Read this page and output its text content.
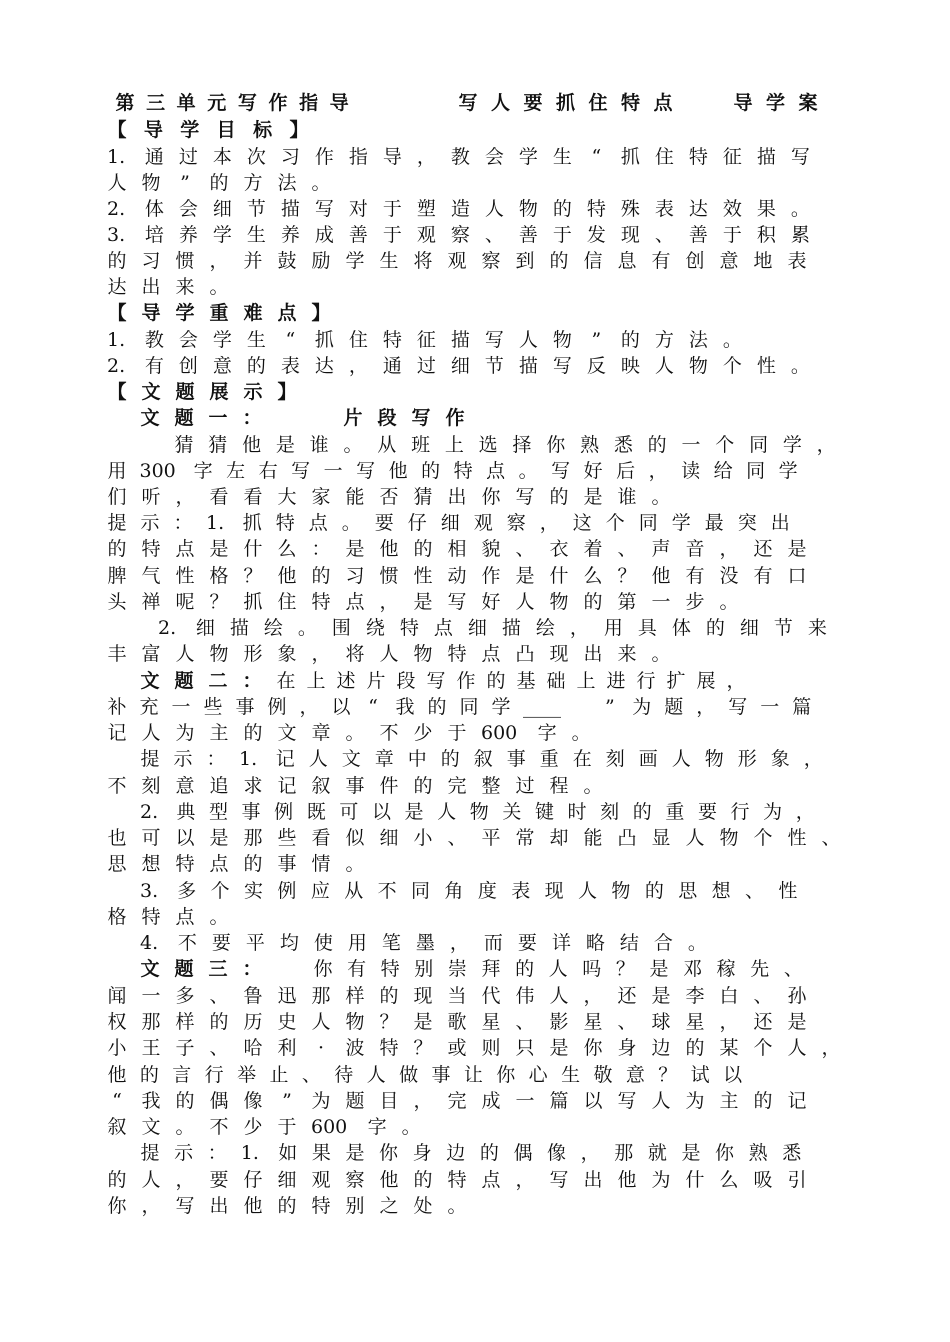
第 三 单 元 写 作 指 导	写 人 要 抓 住 特 点	导 学 案
【 导 学 目 标 】
1. 通 过 本 次 习 作 指 导 ， 教 会 学 生 “ 抓 住 特 征 描 写
人 物 ” 的 方 法 。
2. 体 会 细 节 描 写 对 于 塑 造 人 物 的 特 殊 表 达 效 果 。
3. 培 养 学 生 养 成 善 于 观 察 、 善 于 发 现 、 善 于 积 累
的 习 惯 ， 并 鼓 励 学 生 将 观 察 到 的 信 息 有 创 意 地 表
达 出 来 。
【 导 学 重 难 点 】
1. 教 会 学 生 “ 抓 住 特 征 描 写 人 物 ” 的 方 法 。
2. 有 创 意 的 表 达 ， 通 过 细 节 描 写 反 映 人 物 个 性 。
【 文 题 展 示 】
文 题 一 ：	片 段 写 作
猜 猜 他 是 谁 。 从 班 上 选 择 你 熟 悉 的 一 个 同 学 ，
用 300 字 左 右 写 一 写 他 的 特 点 。 写 好 后 ， 读 给 同 学
们 听 ， 看 看 大 家 能 否 猜 出 你 写 的 是 谁 。
提 示 ： 1. 抓 特 点 。 要 仔 细 观 察 ， 这 个 同 学 最 突 出
的 特 点 是 什 么 ： 是 他 的 相 貌 、 衣 着 、 声 音 ， 还 是
脾 气 性 格 ？ 他 的 习 惯 性 动 作 是 什 么 ？ 他 有 没 有 口
头 禅 呢 ？ 抓 住 特 点 ， 是 写 好 人 物 的 第 一 步 。
2. 细 描 绘 。 围 绕 特 点 细 描 绘 ， 用 具 体 的 细 节 来
丰 富 人 物 形 象 ， 将 人 物 特 点 凸 现 出 来 。
文 题 二 ： 在 上 述 片 段 写 作 的 基 础 上 进 行 扩 展 ，
补 充 一 些 事 例 ， 以 “ 我 的 同 学 ____ ” 为 题 ， 写 一 篇
记 人 为 主 的 文 章 。 不 少 于 600 字 。
提 示 ： 1. 记 人 文 章 中 的 叙 事 重 在 刻 画 人 物 形 象 ，
不 刻 意 追 求 记 叙 事 件 的 完 整 过 程 。
2. 典 型 事 例 既 可 以 是 人 物 关 键 时 刻 的 重 要 行 为 ，
也 可 以 是 那 些 看 似 细 小 、 平 常 却 能 凸 显 人 物 个 性 、
思 想 特 点 的 事 情 。
3. 多 个 实 例 应 从 不 同 角 度 表 现 人 物 的 思 想 、 性
格 特 点 。
4. 不 要 平 均 使 用 笔 墨 ， 而 要 详 略 结 合 。
文 题 三 ：	你 有 特 别 崇 拜 的 人 吗 ？ 是 邓 稼 先 、
闻 一 多 、 鲁 迅 那 样 的 现 当 代 伟 人 ， 还 是 李 白 、 孙
权 那 样 的 历 史 人 物 ？ 是 歌 星 、 影 星 、 球 星 ， 还 是
小 王 子 、 哈 利	·	波 特 ？ 或 则 只 是 你 身 边 的 某 个 人 ，
他 的 言 行 举 止 、 待 人 做 事 让 你 心 生 敬 意 ？ 试 以
“ 我 的 偶 像 ” 为 题 目 ， 完 成 一 篇 以 写 人 为 主 的 记
叙 文 。 不 少 于 600 字 。
提 示 ： 1. 如 果 是 你 身 边 的 偶 像 ， 那 就 是 你 熟 悉
的 人 ， 要 仔 细 观 察 他 的 特 点 ， 写 出 他 为 什 么 吸 引
你 ， 写 出 他 的 特 别 之 处 。
